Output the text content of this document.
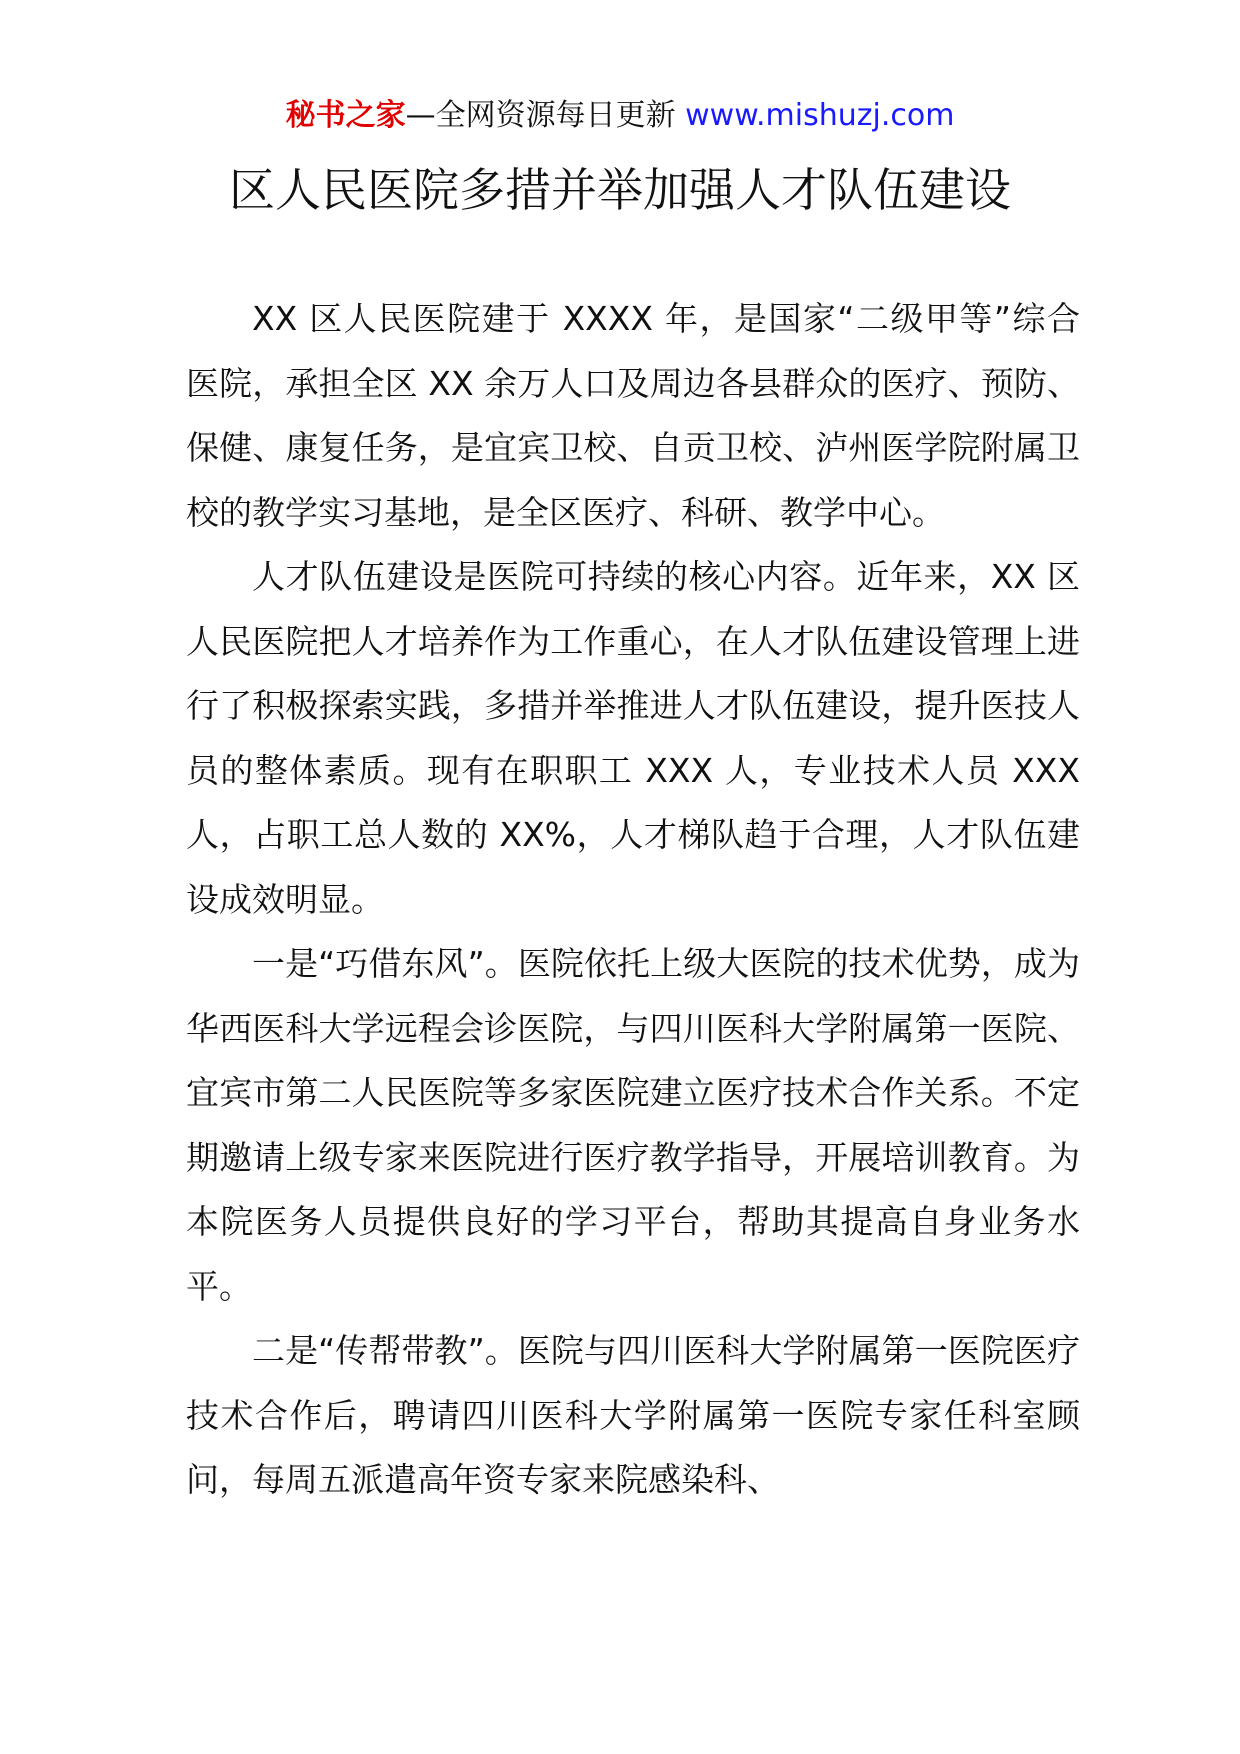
秘书之家—全网资源每日更新 www.mishuzj.com
区人民医院多措并举加强人才队伍建设

XX 区人民医院建于 XXXX 年，是国家“二级甲等”综合医院，承担全区 XX 余万人口及周边各县群众的医疗、预防、保健、康复任务，是宜宾卫校、自贡卫校、泸州医学院附属卫校的教学实习基地，是全区医疗、科研、教学中心。

人才队伍建设是医院可持续的核心内容。近年来，XX 区人民医院把人才培养作为工作重心，在人才队伍建设管理上进行了积极探索实践，多措并举推进人才队伍建设，提升医技人员的整体素质。现有在职职工 XXX 人，专业技术人员 XXX 人，占职工总人数的 XX%，人才梯队趋于合理，人才队伍建设成效明显。

一是“巧借东风”。医院依托上级大医院的技术优势，成为华西医科大学远程会诊医院，与四川医科大学附属第一医院、宜宾市第二人民医院等多家医院建立医疗技术合作关系。不定期邀请上级专家来医院进行医疗教学指导，开展培训教育。为本院医务人员提供良好的学习平台，帮助其提高自身业务水平。

二是“传帮带教”。医院与四川医科大学附属第一医院医疗技术合作后，聘请四川医科大学附属第一医院专家任科室顾问，每周五派遣高年资专家来院感染科、
